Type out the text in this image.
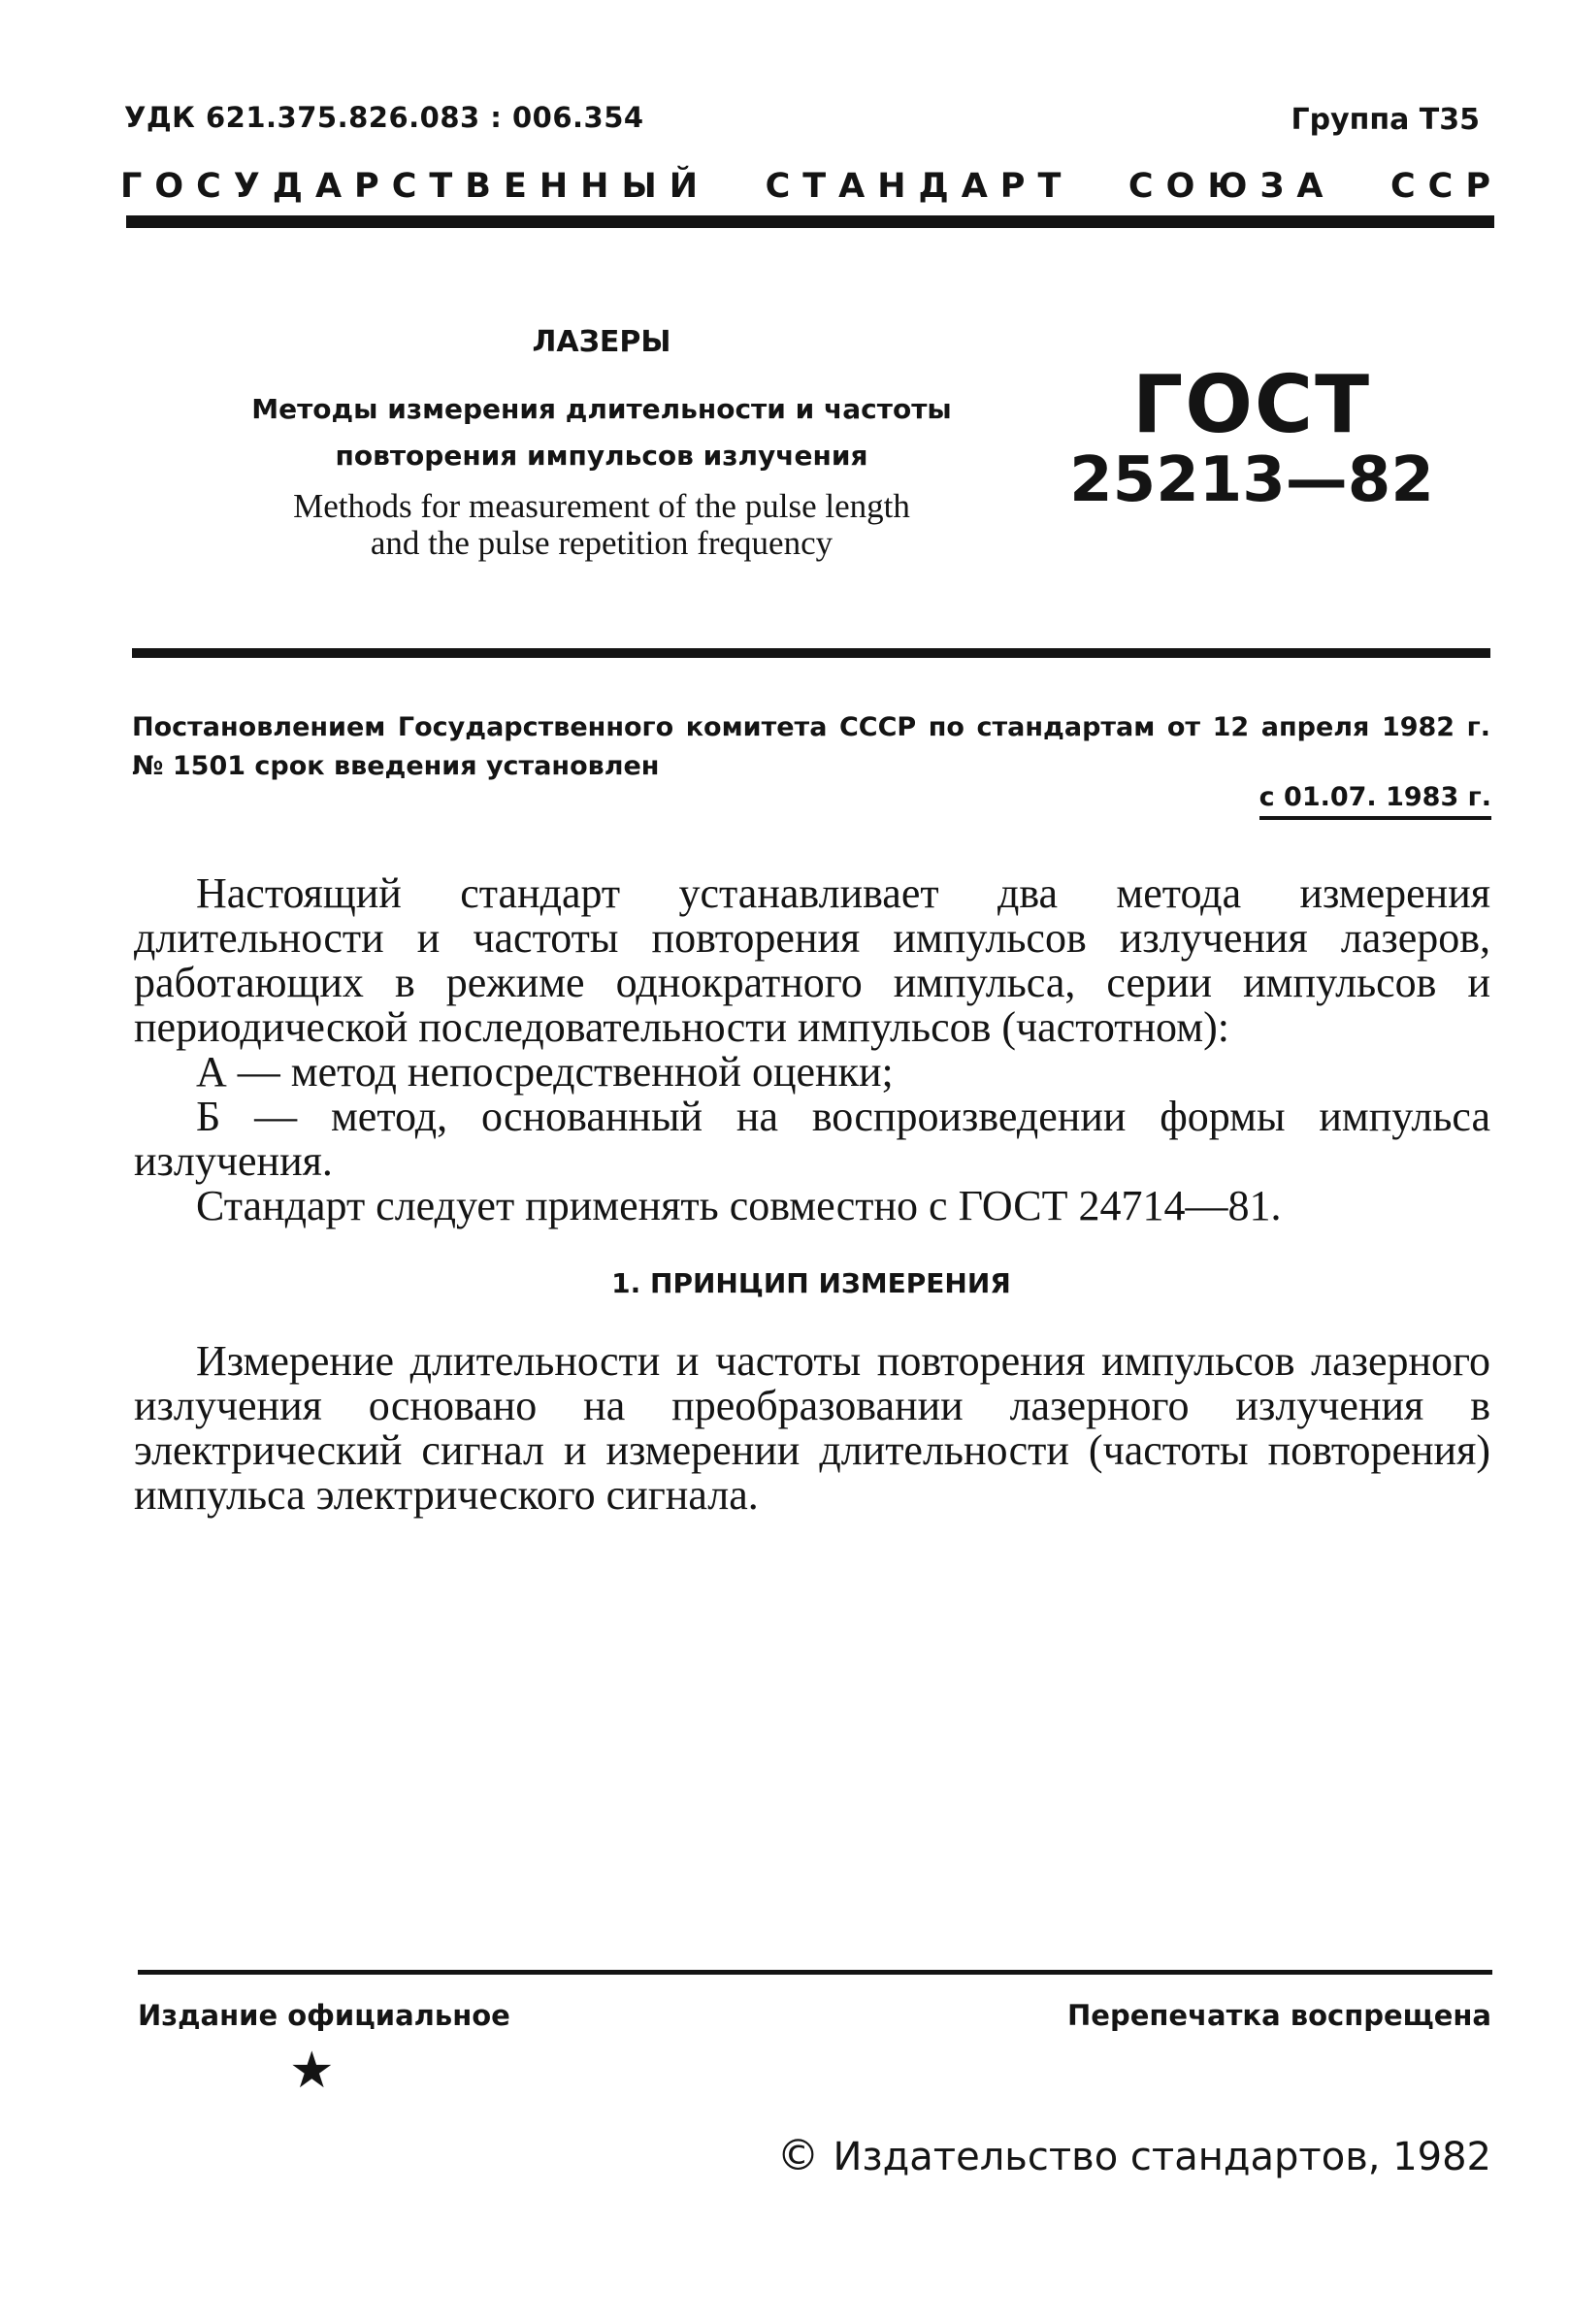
УДК 621.375.826.083 : 006.354	Группа Т35
Г О С У Д А Р С Т В Е Н Н Ы Й С Т А Н Д А Р Т С О Ю З А С С Р
ЛАЗЕРЫ
Методы измерения длительности и частоты
повторения импульсов излучения
Methods for measurement of the pulse length
and the pulse repetition frequency
ГОСТ
25213—82
Постановлением Государственного комитета СССР по стандартам от 12 апреля 1982 г. № 1501 срок введения установлен
с 01.07. 1983 г.

Настоящий стандарт устанавливает два метода измерения длительности и частоты повторения импульсов излучения лазеров, работающих в режиме однократного импульса, серии импульсов и периодической последовательности импульсов (частотном):

А — метод непосредственной оценки;

Б — метод, основанный на воспроизведении формы импульса излучения.

Стандарт следует применять совместно с ГОСТ 24714—81.

1. ПРИНЦИП ИЗМЕРЕНИЯ

Измерение длительности и частоты повторения импульсов лазерного излучения основано на преобразовании лазерного излучения в электрический сигнал и измерении длительности (частоты повторения) импульса электрического сигнала.

Издание официальное	Перепечатка воспрещена
★
© Издательство стандартов, 1982
